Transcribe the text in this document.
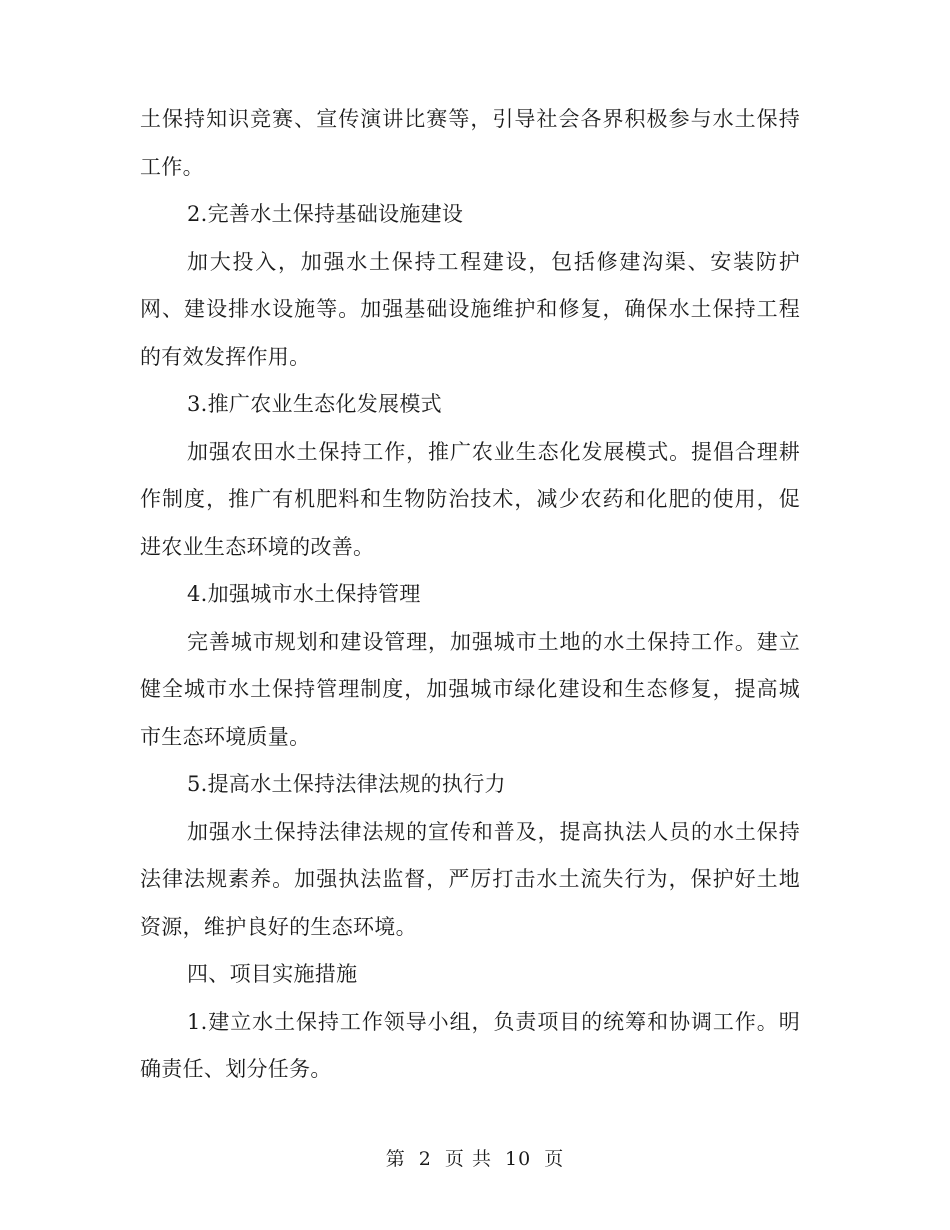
土保持知识竞赛、宣传演讲比赛等，引导社会各界积极参与水土保持工作。

2.完善水土保持基础设施建设

加大投入，加强水土保持工程建设，包括修建沟渠、安装防护网、建设排水设施等。加强基础设施维护和修复，确保水土保持工程的有效发挥作用。

3.推广农业生态化发展模式

加强农田水土保持工作，推广农业生态化发展模式。提倡合理耕作制度，推广有机肥料和生物防治技术，减少农药和化肥的使用，促进农业生态环境的改善。

4.加强城市水土保持管理

完善城市规划和建设管理，加强城市土地的水土保持工作。建立健全城市水土保持管理制度，加强城市绿化建设和生态修复，提高城市生态环境质量。

5.提高水土保持法律法规的执行力

加强水土保持法律法规的宣传和普及，提高执法人员的水土保持法律法规素养。加强执法监督，严厉打击水土流失行为，保护好土地资源，维护良好的生态环境。

四、项目实施措施

1.建立水土保持工作领导小组，负责项目的统筹和协调工作。明确责任、划分任务。

第 2 页 共 10 页
